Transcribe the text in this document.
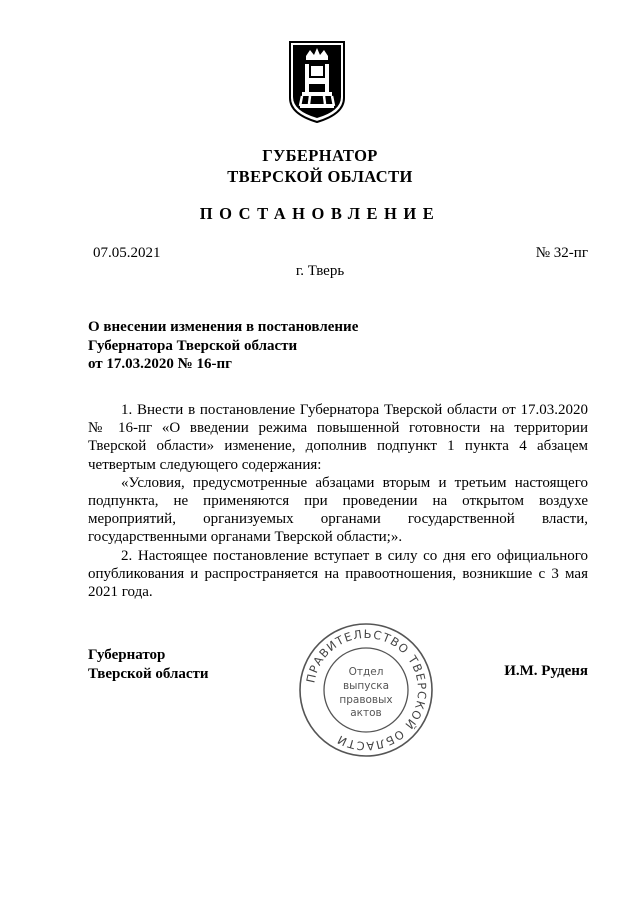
ГУБЕРНАТОР
ТВЕРСКОЙ ОБЛАСТИ
ПОСТАНОВЛЕНИЕ
07.05.2021	№ 32-пг
г. Тверь
О внесении изменения в постановление
Губернатора Тверской области
от 17.03.2020 № 16-пг

1. Внести в постановление Губернатора Тверской области от 17.03.2020 № 16-пг «О введении режима повышенной готовности на территории Тверской области» изменение, дополнив подпункт 1 пункта 4 абзацем четвертым следующего содержания:

«Условия, предусмотренные абзацами вторым и третьим настоящего подпункта, не применяются при проведении на открытом воздухе мероприятий, организуемых органами государственной власти, государственными органами Тверской области;».

2. Настоящее постановление вступает в силу со дня его официального опубликования и распространяется на правоотношения, возникшие с 3 мая 2021 года.

Губернатор
Тверской области	И.М. Руденя
ПРАВИТЕЛЬСТВО ТВЕРСКОЙ ОБЛАСТИ
Отдел
выпуска
правовых
актов
